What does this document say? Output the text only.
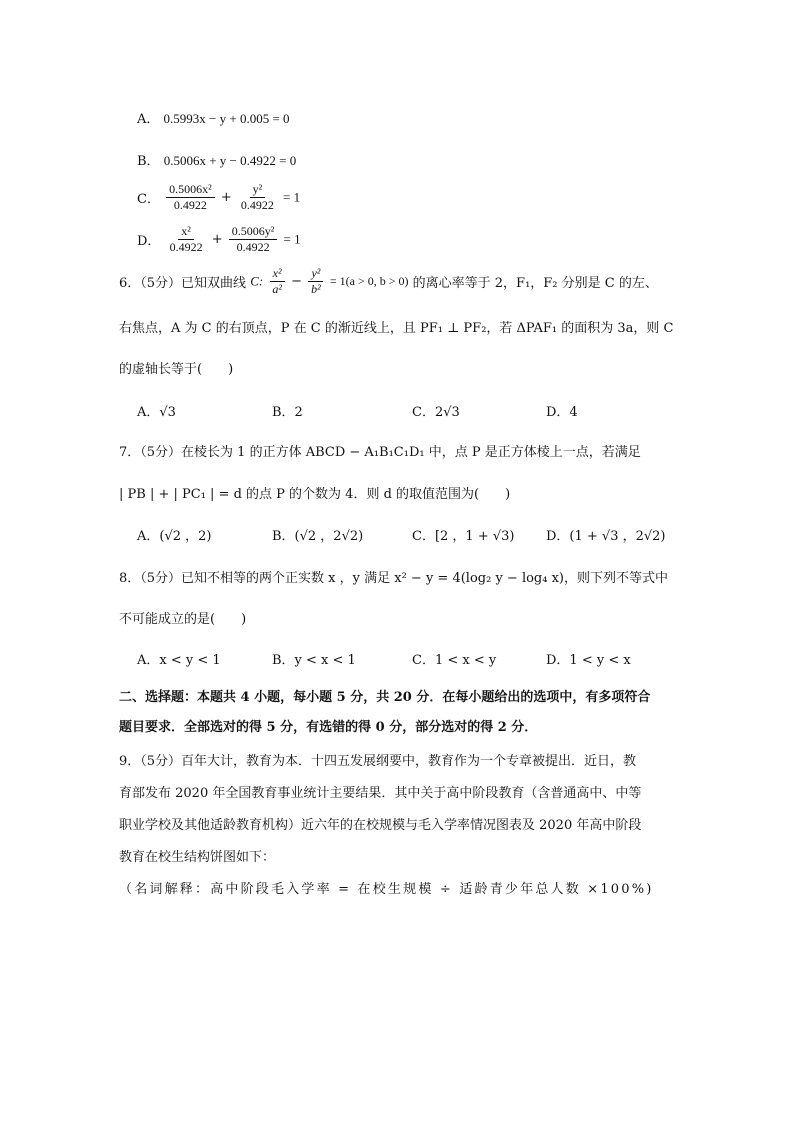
A． 0.5993x − y + 0.005 = 0
B． 0.5006x + y − 0.4922 = 0
C． $\frac{\text{0.5006x²}}{0.4922} + \frac{\text{y²}}{0.4922} = 1$
D． $\frac{\text{x²}}{0.4922} + \frac{\text{0.5006y²}}{0.4922} = 1$
6．（5分）已知双曲线 C: $\frac{\text{x²}}{\text{a²}} - \frac{\text{y²}}{\text{b²}} = 1(a > 0$, b > 0) 的离心率等于 2，F₁，F₂ 分别是 C 的左、
右焦点，A 为 C 的右顶点，P 在 C 的渐近线上，且 PF₁ ⊥ PF₂，若 ΔPAF₁ 的面积为 3a，则 C
的虚轴长等于(　　)
A．√3	B．2	C．2√3	D．4
7．（5分）在棱长为 1 的正方体 ABCD − A₁B₁C₁D₁ 中，点 P 是正方体棱上一点，若满足
| PB | + | PC₁ | = d 的点 P 的个数为 4．则 d 的取值范围为(　　)
A．(√2 ，2)	B．(√2 ，2√2)	C．[2 ，1 + √3) D．(1 + √3 ，2√2)
8．（5分）已知不相等的两个正实数 x ，y 满足 x² − y = 4(log₂ y − log₄ x)，则下列不等式中
不可能成立的是(　　)
A．x < y < 1	B．y < x < 1	C．1 < x < y	D．1 < y < x
二、选择题：本题共 4 小题，每小题 5 分，共 20 分．在每小题给出的选项中，有多项符合
题目要求．全部选对的得 5 分，有选错的得 0 分，部分选对的得 2 分．
9．（5分）百年大计，教育为本．十四五发展纲要中，教育作为一个专章被提出．近日，教
育部发布 2020 年全国教育事业统计主要结果．其中关于高中阶段教育（含普通高中、中等
职业学校及其他适龄教育机构）近六年的在校规模与毛入学率情况图表及 2020 年高中阶段
教育在校生结构饼图如下：
（名词解释：高中阶段毛入学率 = 在校生规模 ÷ 适龄青少年总人数 ×100%)
